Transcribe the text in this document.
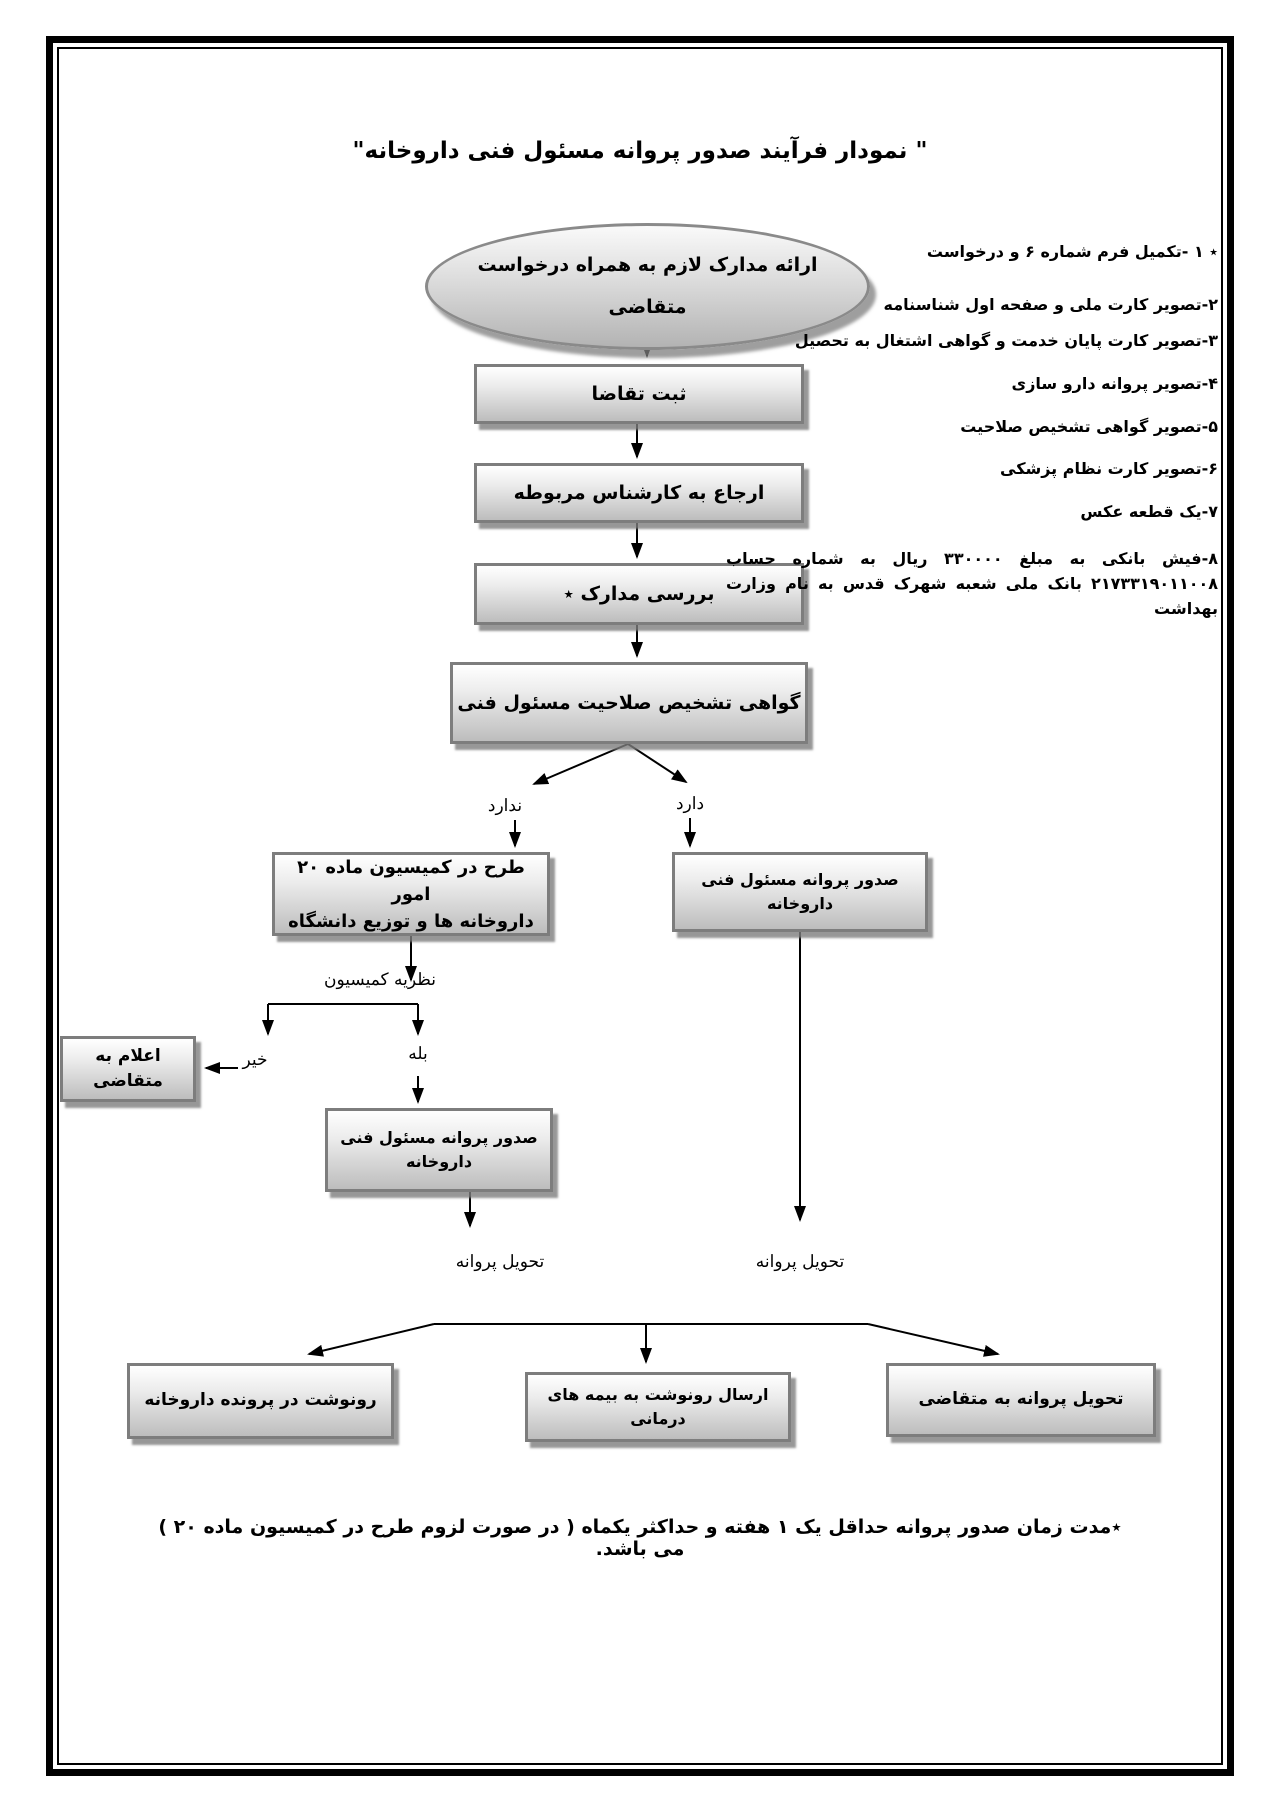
" نمودار فرآیند صدور پروانه مسئول فنی داروخانه"
ارائه مدارک لازم به همراه درخواست
متقاضی
ثبت تقاضا
ارجاع به کارشناس مربوطه
بررسی مدارک ٭
گواهی تشخیص صلاحیت مسئول فنی
ندارد	دارد
طرح در کمیسیون ماده ۲۰ امور
داروخانه ها و توزیع دانشگاه
صدور پروانه مسئول فنی داروخانه
نظریه کمیسیون
خیر	بله
اعلام به متقاضی
صدور پروانه مسئول فنی داروخانه
تحویل پروانه	تحویل پروانه
رونوشت در پرونده داروخانه	ارسال رونوشت به بیمه های درمانی
تحویل پروانه به متقاضی
٭ ۱ -تکمیل فرم شماره ۶ و درخواست
۲-تصویر کارت ملی و صفحه اول شناسنامه
۳-تصویر کارت پایان خدمت و گواهی اشتغال به تحصیل
۴-تصویر پروانه دارو سازی
۵-تصویر گواهی تشخیص صلاحیت
۶-تصویر کارت نظام پزشکی
۷-یک قطعه عکس
۸-فیش بانکی به مبلغ ۳۳۰۰۰۰ ریال به شماره حساب ۲۱۷۳۳۱۹۰۱۱۰۰۸ بانک ملی شعبه شهرک قدس به نام وزارت بهداشت
٭مدت زمان صدور پروانه حداقل یک ۱ هفته و حداکثر یکماه ( در صورت لزوم طرح در کمیسیون ماده ۲۰ ) می باشد.
